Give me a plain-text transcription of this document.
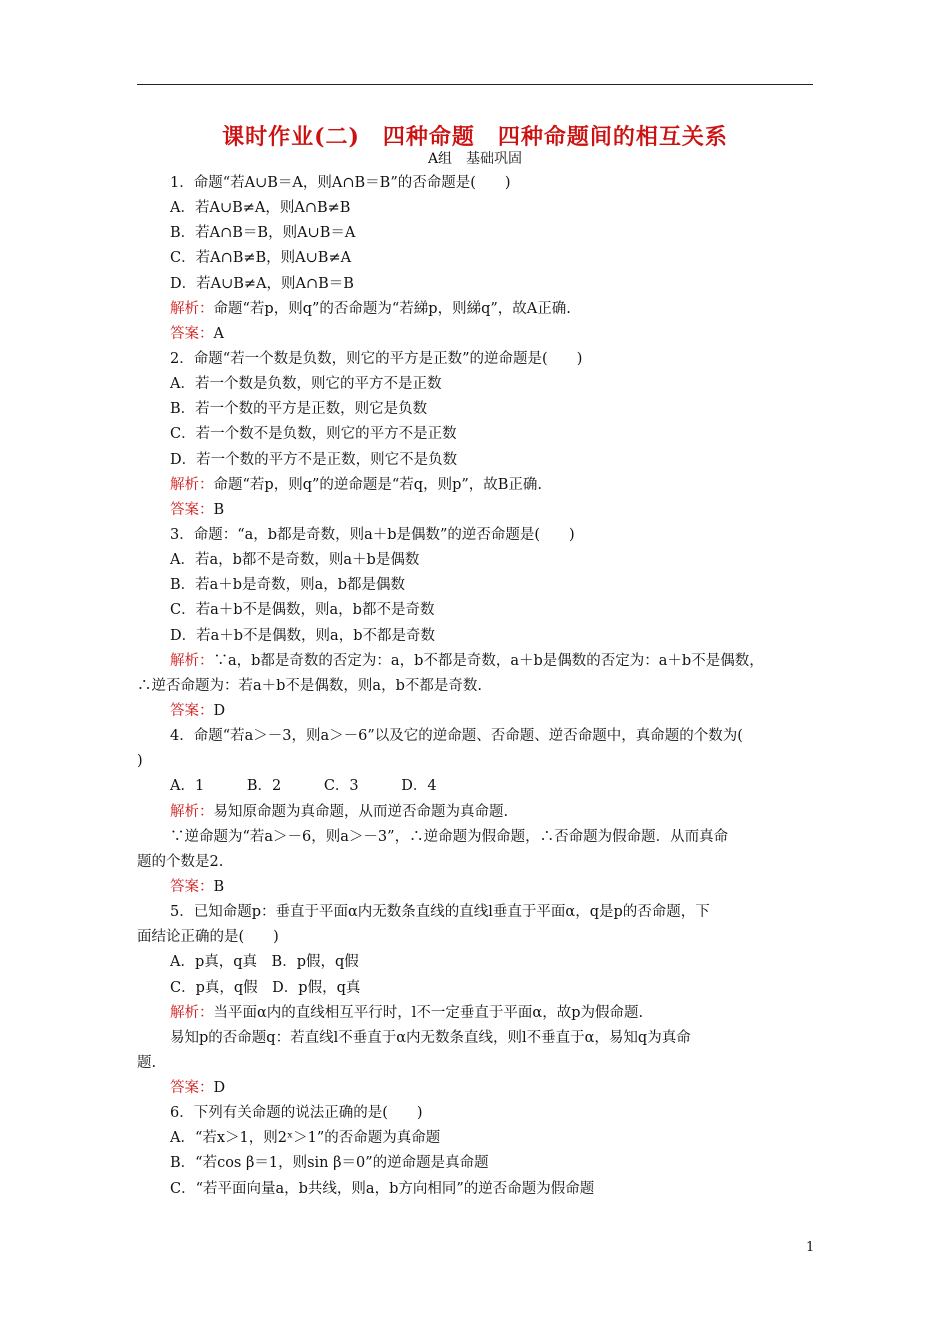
课时作业(二)　四种命题　四种命题间的相互关系
A组　基础巩固
1．命题“若A∪B＝A，则A∩B＝B”的否命题是(　　)
A．若A∪B≠A，则A∩B≠B
B．若A∩B＝B，则A∪B＝A
C．若A∩B≠B，则A∪B≠A
D．若A∪B≠A，则A∩B＝B
解析：命题“若p，则q”的否命题为“若綈p，则綈q”，故A正确.
答案：A
2．命题“若一个数是负数，则它的平方是正数”的逆命题是(　　)
A．若一个数是负数，则它的平方不是正数
B．若一个数的平方是正数，则它是负数
C．若一个数不是负数，则它的平方不是正数
D．若一个数的平方不是正数，则它不是负数
解析：命题“若p，则q”的逆命题是“若q，则p”，故B正确.
答案：B
3．命题：“a，b都是奇数，则a＋b是偶数”的逆否命题是(　　)
A．若a，b都不是奇数，则a＋b是偶数
B．若a＋b是奇数，则a，b都是偶数
C．若a＋b不是偶数，则a，b都不是奇数
D．若a＋b不是偶数，则a，b不都是奇数
解析：∵a，b都是奇数的否定为：a，b不都是奇数，a＋b是偶数的否定为：a＋b不是偶数，
∴逆否命题为：若a＋b不是偶数，则a，b不都是奇数.
答案：D
4．命题“若a＞－3，则a＞－6”以及它的逆命题、否命题、逆否命题中，真命题的个数为(
)
A．1	B．2	C．3	D．4
解析：易知原命题为真命题，从而逆否命题为真命题.
∵逆命题为“若a＞－6，则a＞－3”，∴逆命题为假命题，∴否命题为假命题．从而真命
题的个数是2.
答案：B
5．已知命题p：垂直于平面α内无数条直线的直线l垂直于平面α，q是p的否命题，下
面结论正确的是(　　)
A．p真，q真　B．p假，q假
C．p真，q假　D．p假，q真
解析：当平面α内的直线相互平行时，l不一定垂直于平面α，故p为假命题.
易知p的否命题q：若直线l不垂直于α内无数条直线，则l不垂直于α，易知q为真命
题.
答案：D
6．下列有关命题的说法正确的是(　　)
A．“若x＞1，则2ˣ＞1”的否命题为真命题
B．“若cos β＝1，则sin β＝0”的逆命题是真命题
C．“若平面向量a，b共线，则a，b方向相同”的逆否命题为假命题
1
